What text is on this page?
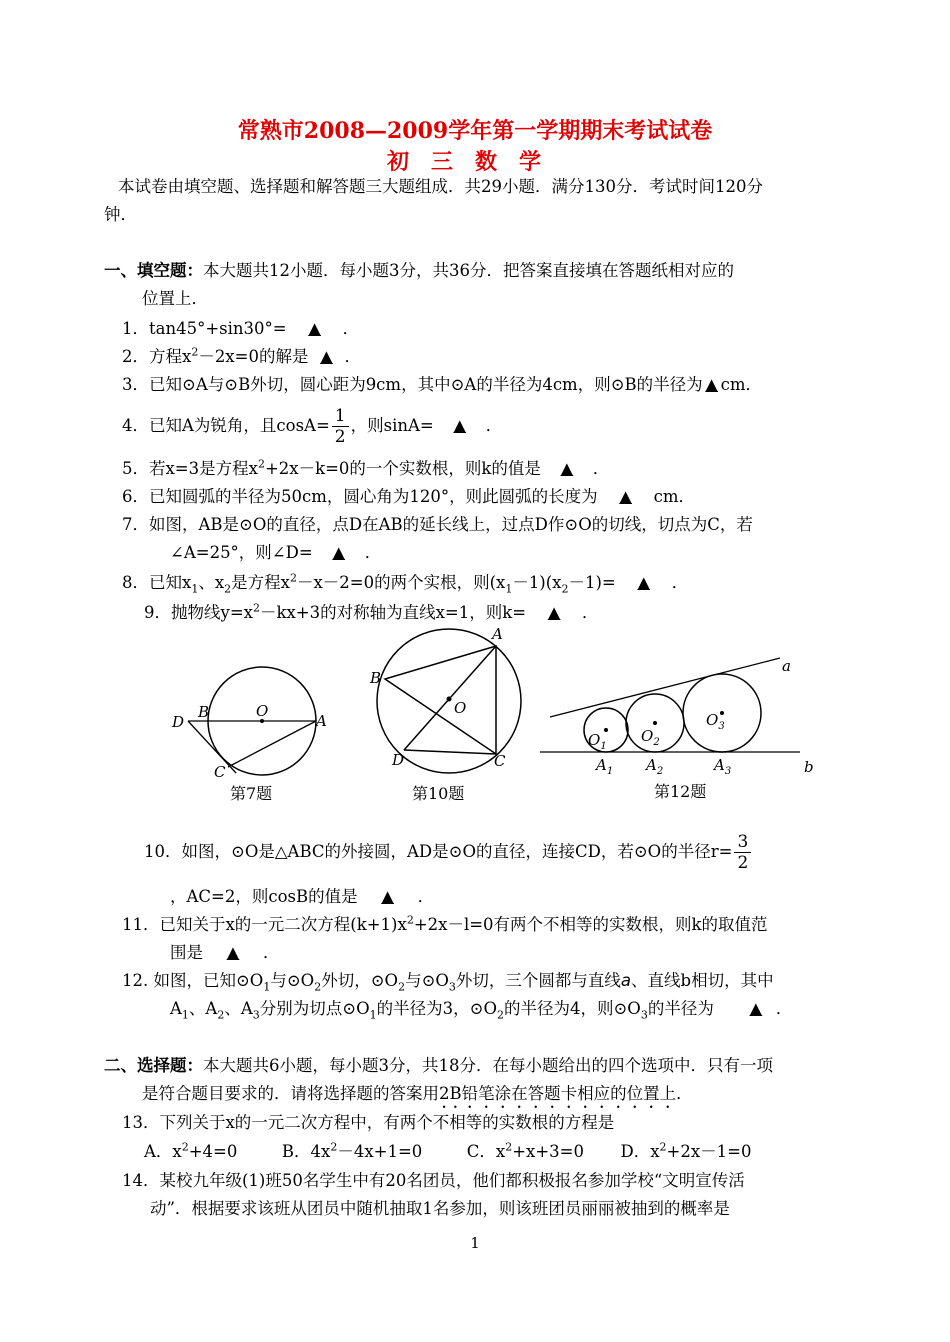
常熟市2008—2009学年第一学期期末考试试卷
初三数学
本试卷由填空题、选择题和解答题三大题组成．共29小题．满分130分．考试时间120分
钟．
一、填空题：本大题共12小题．每小题3分，共36分．把答案直接填在答题纸相对应的
位置上．
1．tan45°+sin30°= ▲ ．
2．方程$x^2-2x=0$的解是 ▲ ．
3．已知⊙A与⊙B外切，圆心距为9cm，其中⊙A的半径为4cm，则⊙B的半径为 ▲ cm．
4．已知A为锐角，且$\cos A= \frac{1}{2}$ ，则sinA= ▲ ．
5．若x=3是方程$x^2+2x-k=0$的一个实数根，则k的值是 ▲ ．
6．已知圆弧的半径为50cm，圆心角为120°，则此圆弧的长度为 ▲ cm．
7．如图，AB是⊙O的直径，点D在AB的延长线上，过点D作⊙O的切线，切点为C，若
∠A=25°，则∠D= ▲ ．
8．已知$x_1$、$x_2$是方程$x^2-x-2=0$的两个实根，则$(x_1-1)(x_2-1)=$ ▲ ．
9．抛物线$y=x^2-kx+3$的对称轴为直线x=1，则k= ▲ ．
D
B	O
A
C
第7题
A
B
O
D	C
第10题
a
b
$O_1$
$O_2$
$O_3$
$A_1$ $A_2$	$A_3$
第12题
10．如图，⊙O是△ABC的外接圆，AD是⊙O的直径，连接CD，若⊙O的半径$r= \frac{3}{2}$
，AC=2，则cosB的值是 ▲ ．
11．已知关于x的一元二次方程$(k+1)x^2+2x-l=0$有两个不相等的实数根，则k的取值范
围是 ▲ ．
12. 如图，已知$⊙O_1$与$⊙O_2$外切，$⊙O_2$与$⊙O_3$外切，三个圆都与直线a、直线b相切，其中
$A_1$、$A_2$、$A_3$分别为切点$⊙O_1$的半径为3，$⊙O_2$的半径为4，则$⊙O_3$的半径为 ▲ ．
二、选择题：本大题共6小题，每小题3分，共18分．在每小题给出的四个选项中．只有一项
是符合题目要求的．请将选择题的答案用2B铅笔涂在答题卡相应的位置上．
13．下列关于x的一元二次方程中，有两个不相等的实数根的方程是
A．$x^2+4=0$	B．$4x^2-4x+1=0$	C．$x^2+x+3=0$ D．$x^2+2x-1=0$
14．某校九年级(1)班50名学生中有20名团员，他们都积极报名参加学校“文明宣传活
动”．根据要求该班从团员中随机抽取1名参加，则该班团员丽丽被抽到的概率是
1
